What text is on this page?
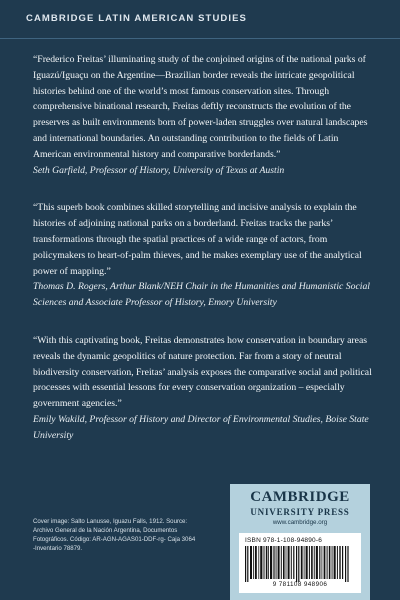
CAMBRIDGE LATIN AMERICAN STUDIES

“Frederico Freitas’ illuminating study of the conjoined origins of the national parks of Iguazú/Iguaçu on the Argentine—Brazilian border reveals the intricate geopolitical histories behind one of the world’s most famous conservation sites. Through comprehensive binational research, Freitas deftly reconstructs the evolution of the preserves as built environments born of power-laden struggles over natural landscapes and international boundaries. An outstanding contribution to the fields of Latin American environmental history and comparative borderlands.”

Seth Garfield, Professor of History, University of Texas at Austin

“This superb book combines skilled storytelling and incisive analysis to explain the histories of adjoining national parks on a borderland. Freitas tracks the parks’ transformations through the spatial practices of a wide range of actors, from policymakers to heart-of-palm thieves, and he makes exemplary use of the analytical power of mapping.”

Thomas D. Rogers, Arthur Blank/NEH Chair in the Humanities and Humanistic Social Sciences and Associate Professor of History, Emory University

“With this captivating book, Freitas demonstrates how conservation in boundary areas reveals the dynamic geopolitics of nature protection. Far from a story of neutral biodiversity conservation, Freitas’ analysis exposes the comparative social and political processes with essential lessons for every conservation organization – especially government agencies.”

Emily Wakild, Professor of History and Director of Environmental Studies, Boise State University

Cover image: Salto Lanusse, Iguazu Falls, 1912. Source: Archivo General de la Nación Argentina, Documentos Fotográficos. Código: AR-AGN-AGAS01-DDF-rg- Caja 3064 -Inventario 78879.
CAMBRIDGE
UNIVERSITY PRESS
www.cambridge.org
ISBN 978-1-108-94890-6
9 781108 948906
